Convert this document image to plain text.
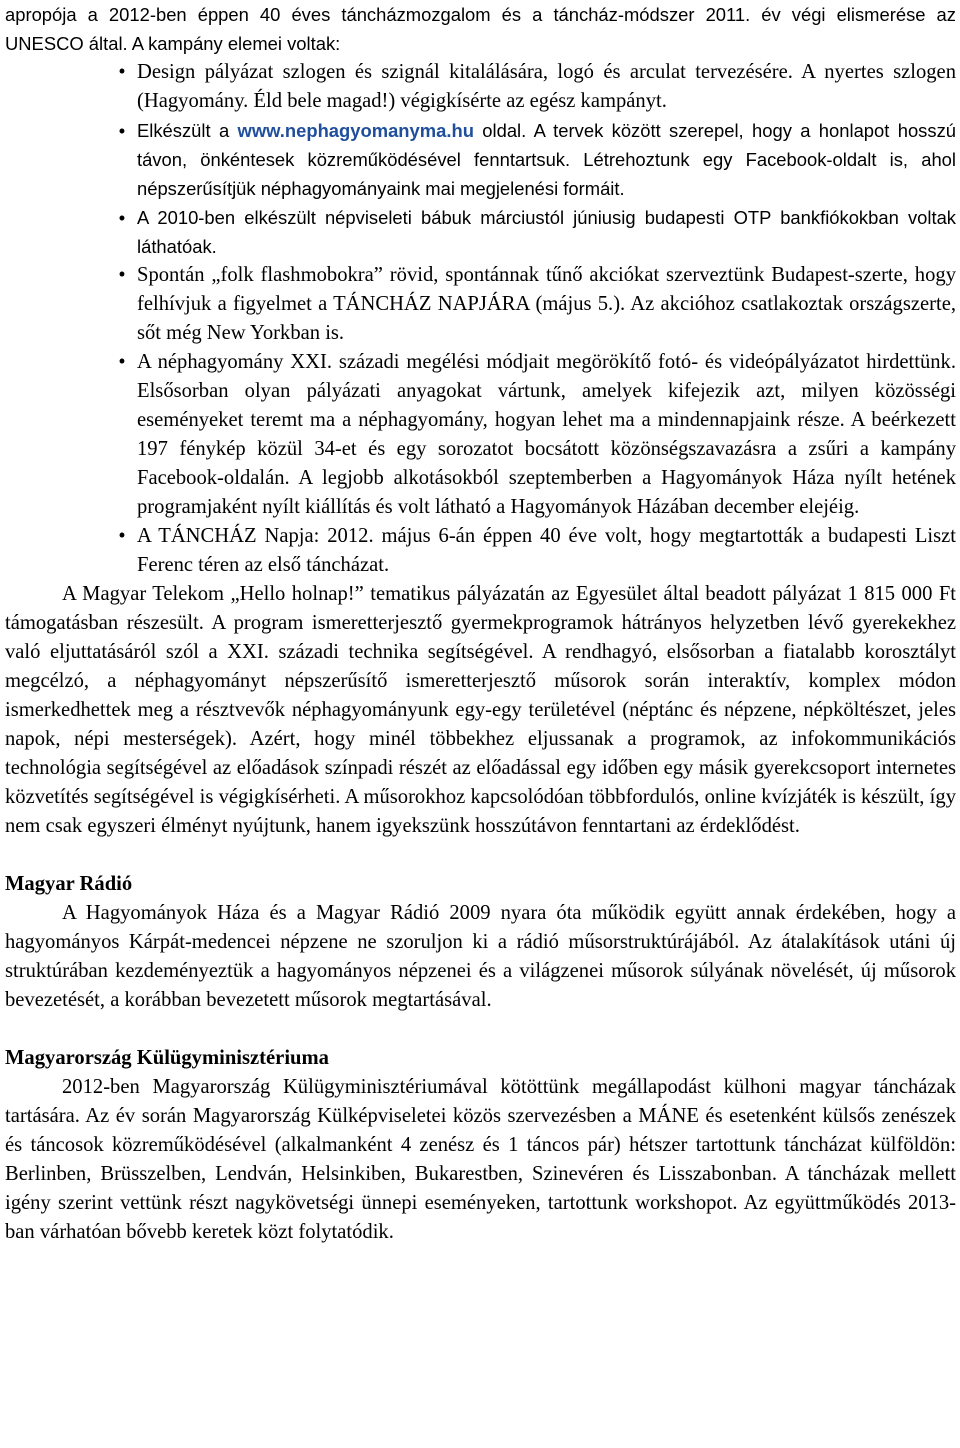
apropója a 2012-ben éppen 40 éves táncházmozgalom és a táncház-módszer 2011. év végi elismerése az UNESCO által. A kampány elemei voltak:

• Design pályázat szlogen és szignál kitalálására, logó és arculat tervezésére. A nyertes szlogen (Hagyomány. Éld bele magad!) végigkísérte az egész kampányt.
• Elkészült a www.nephagyomanyma.hu oldal. A tervek között szerepel, hogy a honlapot hosszú távon, önkéntesek közreműködésével fenntartsuk. Létrehoztunk egy Facebook-oldalt is, ahol népszerűsítjük néphagyományaink mai megjelenési formáit.
• A 2010-ben elkészült népviseleti bábuk márciustól júniusig budapesti OTP bankfiókokban voltak láthatóak.
• Spontán „folk flashmobokra” rövid, spontánnak tűnő akciókat szerveztünk Budapest-szerte, hogy felhívjuk a figyelmet a TÁNCHÁZ NAPJÁRA (május 5.). Az akcióhoz csatlakoztak országszerte, sőt még New Yorkban is.
• A néphagyomány XXI. századi megélési módjait megörökítő fotó- és videópályázatot hirdettünk. Elsősorban olyan pályázati anyagokat vártunk, amelyek kifejezik azt, milyen közösségi eseményeket teremt ma a néphagyomány, hogyan lehet ma a mindennapjaink része. A beérkezett 197 fénykép közül 34-et és egy sorozatot bocsátott közönségszavazásra a zsűri a kampány Facebook-oldalán. A legjobb alkotásokból szeptemberben a Hagyományok Háza nyílt hetének programjaként nyílt kiállítás és volt látható a Hagyományok Házában december elejéig.
• A TÁNCHÁZ Napja: 2012. május 6-án éppen 40 éve volt, hogy megtartották a budapesti Liszt Ferenc téren az első táncházat.

A Magyar Telekom „Hello holnap!” tematikus pályázatán az Egyesület által beadott pályázat 1 815 000 Ft támogatásban részesült. A program ismeretterjesztő gyermekprogramok hátrányos helyzetben lévő gyerekekhez való eljuttatásáról szól a XXI. századi technika segítségével. A rendhagyó, elsősorban a fiatalabb korosztályt megcélzó, a néphagyományt népszerűsítő ismeretterjesztő műsorok során interaktív, komplex módon ismerkedhettek meg a résztvevők néphagyományunk egy-egy területével (néptánc és népzene, népköltészet, jeles napok, népi mesterségek). Azért, hogy minél többekhez eljussanak a programok, az infokommunikációs technológia segítségével az előadások színpadi részét az előadással egy időben egy másik gyerekcsoport internetes közvetítés segítségével is végigkísérheti. A műsorokhoz kapcsolódóan többfordulós, online kvízjáték is készült, így nem csak egyszeri élményt nyújtunk, hanem igyekszünk hosszútávon fenntartani az érdeklődést.

Magyar Rádió

A Hagyományok Háza és a Magyar Rádió 2009 nyara óta működik együtt annak érdekében, hogy a hagyományos Kárpát-medencei népzene ne szoruljon ki a rádió műsorstruktúrájából. Az átalakítások utáni új struktúrában kezdeményeztük a hagyományos népzenei és a világzenei műsorok súlyának növelését, új műsorok bevezetését, a korábban bevezetett műsorok megtartásával.

Magyarország Külügyminisztériuma

2012-ben Magyarország Külügyminisztériumával kötöttünk megállapodást külhoni magyar táncházak tartására. Az év során Magyarország Külképviseletei közös szervezésben a MÁNE és esetenként külsős zenészek és táncosok közreműködésével (alkalmanként 4 zenész és 1 táncos pár) hétszer tartottunk táncházat külföldön: Berlinben, Brüsszelben, Lendván, Helsinkiben, Bukarestben, Szinevéren és Lisszabonban. A táncházak mellett igény szerint vettünk részt nagykövetségi ünnepi eseményeken, tartottunk workshopot. Az együttműködés 2013-ban várhatóan bővebb keretek közt folytatódik.
